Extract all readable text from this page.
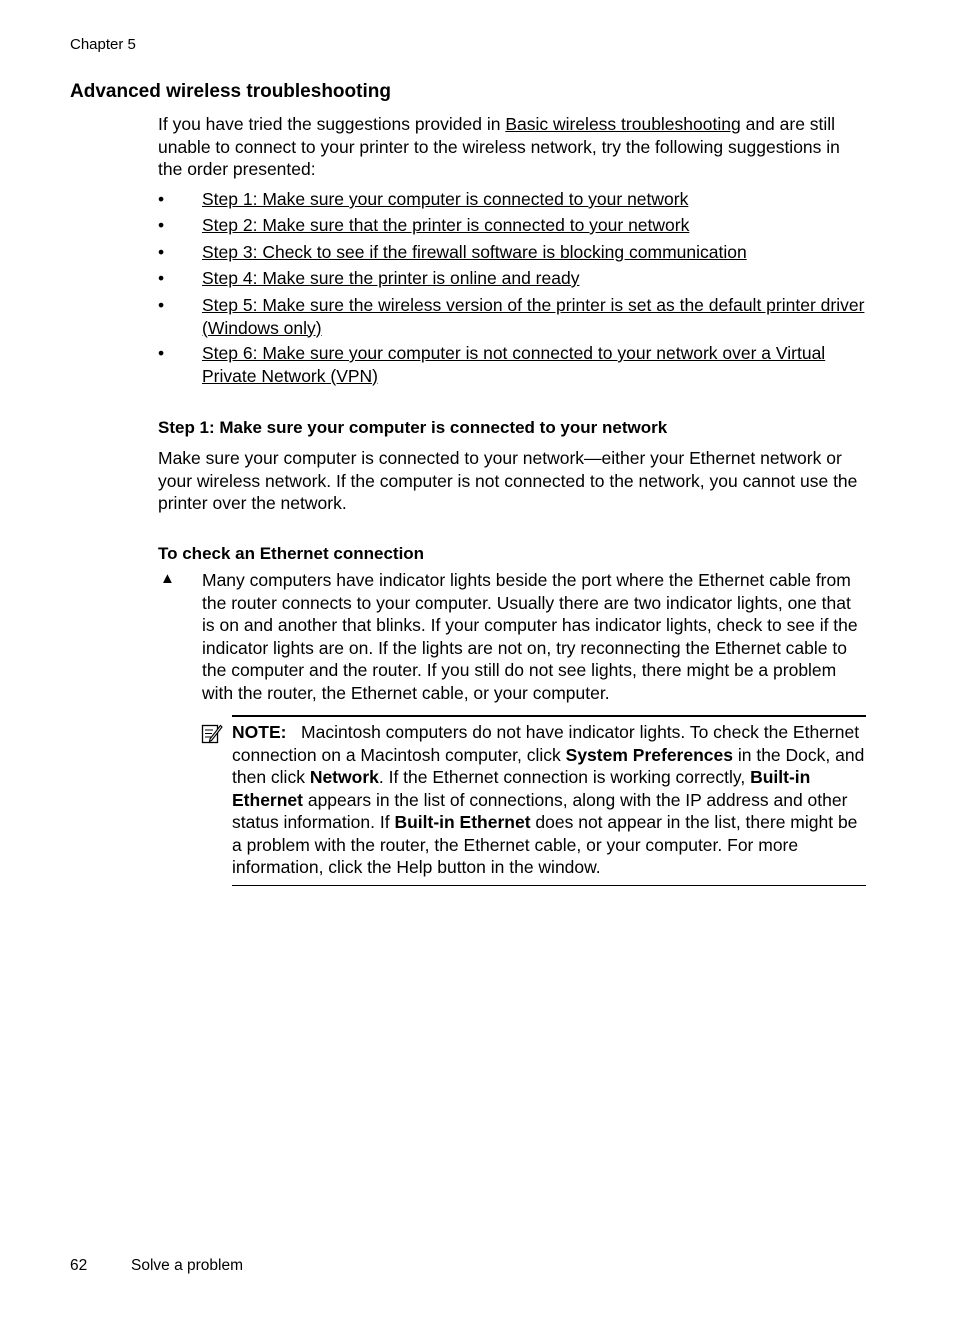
Chapter 5
Advanced wireless troubleshooting
If you have tried the suggestions provided in Basic wireless troubleshooting and are still unable to connect to your printer to the wireless network, try the following suggestions in the order presented:
• Step 1: Make sure your computer is connected to your network
• Step 2: Make sure that the printer is connected to your network
• Step 3: Check to see if the firewall software is blocking communication
• Step 4: Make sure the printer is online and ready
• Step 5: Make sure the wireless version of the printer is set as the default printer driver (Windows only)
• Step 6: Make sure your computer is not connected to your network over a Virtual Private Network (VPN)
Step 1: Make sure your computer is connected to your network
Make sure your computer is connected to your network—either your Ethernet network or your wireless network. If the computer is not connected to the network, you cannot use the printer over the network.
To check an Ethernet connection
▲ Many computers have indicator lights beside the port where the Ethernet cable from the router connects to your computer. Usually there are two indicator lights, one that is on and another that blinks. If your computer has indicator lights, check to see if the indicator lights are on. If the lights are not on, try reconnecting the Ethernet cable to the computer and the router. If you still do not see lights, there might be a problem with the router, the Ethernet cable, or your computer.
NOTE: Macintosh computers do not have indicator lights. To check the Ethernet connection on a Macintosh computer, click System Preferences in the Dock, and then click Network. If the Ethernet connection is working correctly, Built-in Ethernet appears in the list of connections, along with the IP address and other status information. If Built-in Ethernet does not appear in the list, there might be a problem with the router, the Ethernet cable, or your computer. For more information, click the Help button in the window.
62	Solve a problem
